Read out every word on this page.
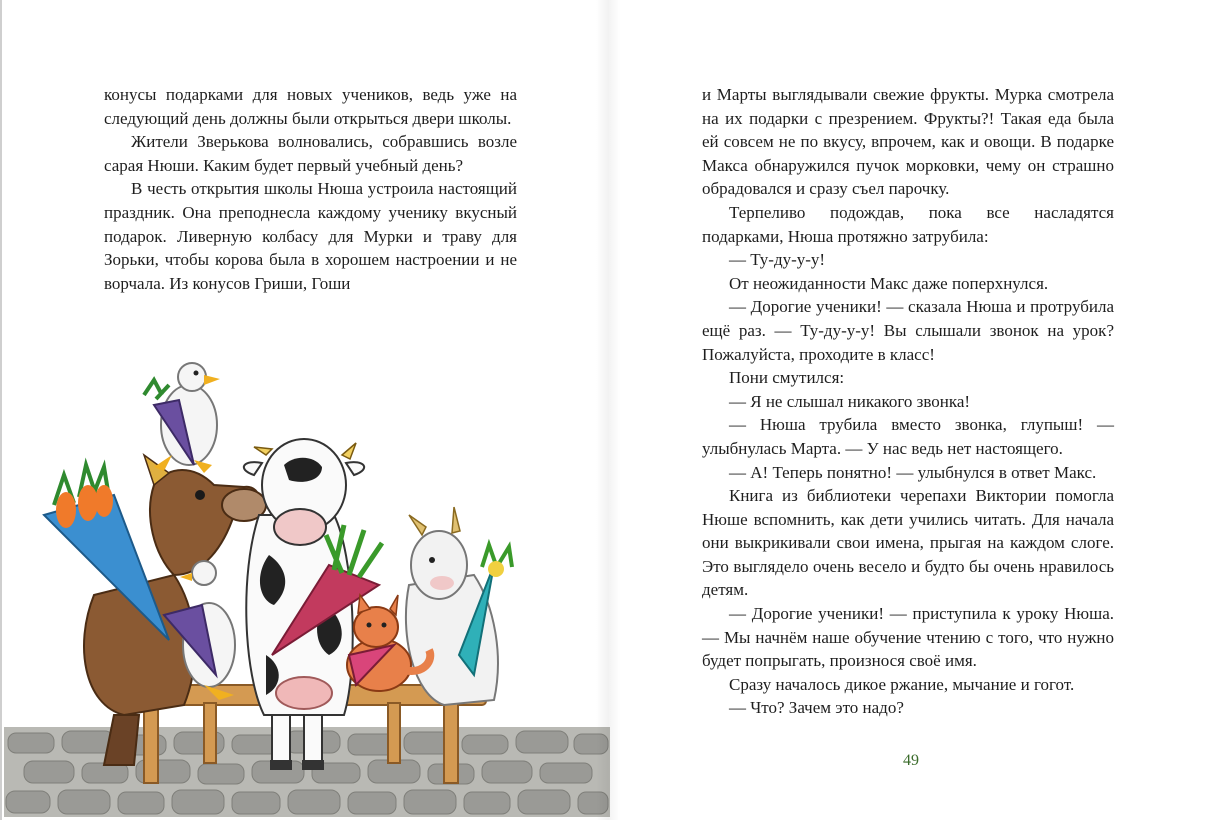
конусы подарками для новых учеников, ведь уже на следующий день должны были открыться двери школы.

Жители Зверькова волновались, собравшись возле сарая Нюши. Каким будет первый учебный день?

В честь открытия школы Нюша устроила настоящий праздник. Она преподнесла каждому ученику вкусный подарок. Ливерную колбасу для Мурки и траву для Зорьки, чтобы корова была в хорошем настроении и не ворчала. Из конусов Гриши, Гоши

и Марты выглядывали свежие фрукты. Мурка смотрела на их подарки с презрением. Фрукты?! Такая еда была ей совсем не по вкусу, впрочем, как и овощи. В подарке Макса обнаружился пучок морковки, чему он страшно обрадовался и сразу съел парочку.

Терпеливо подождав, пока все насладятся подарками, Нюша протяжно затрубила:

— Ту-ду-у-у!

От неожиданности Макс даже поперхнулся.

— Дорогие ученики! — сказала Нюша и протрубила ещё раз. — Ту-ду-у-у! Вы слышали звонок на урок? Пожалуйста, проходите в класс!

Пони смутился:

— Я не слышал никакого звонка!

— Нюша трубила вместо звонка, глупыш! — улыбнулась Марта. — У нас ведь нет настоящего.

— А! Теперь понятно! — улыбнулся в ответ Макс.

Книга из библиотеки черепахи Виктории помогла Нюше вспомнить, как дети учились читать. Для начала они выкрикивали свои имена, прыгая на каждом слоге. Это выглядело очень весело и будто бы очень нравилось детям.

— Дорогие ученики! — приступила к уроку Нюша. — Мы начнём наше обучение чтению с того, что нужно будет попрыгать, произнося своё имя.

Сразу началось дикое ржание, мычание и гогот.

— Что? Зачем это надо?

49
